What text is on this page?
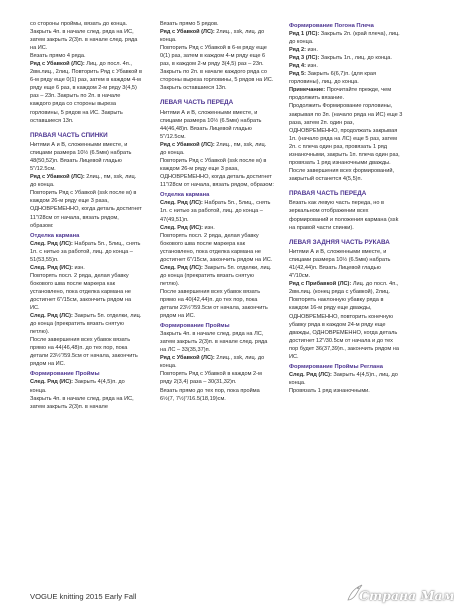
со стороны проймы, вязать до конца.

Закрыть 4п. в начале след. ряда на ИС, затем закрыть 2(3)п. в начале след. ряда на ИС.

Вязать прямо 4 ряда.

Ряд с Убавкой (ЛС): Лиц. до посл. 4п., 2вм.лиц., 2лиц. Повторить Ряд с Убавкой в 6-м ряду еще 0(1) раз, затем в каждом 4-м ряду еще 6 раз, в каждом 2-м ряду 3(4,5) раз – 23п. Закрыть по 2п. в начале каждого ряда со стороны выреза горловины, 5 рядов на ИС. Закрыть оставшиеся 13п.

ПРАВАЯ ЧАСТЬ СПИНКИ

Нитями А и В, сложенными вместе, и спицами размера 10½ (6.5мм) набрать 48(50,52)п. Вязать Лицевой гладью 5"/12.5см.

Ряд с Убавкой (ЛС): 2лиц., пм, ssk, лиц. до конца.

Повторить Ряд с Убавкой (ssk после м) в каждом 26-м ряду еще 3 раза, ОДНОВРЕМЕННО, когда деталь достигнет 11"/28см от начала, вязать рядом, образом:

Отделка кармана

След. Ряд (ЛС): Набрать 5п., 5лиц., снять 1п. с нитью за работой, лиц. до конца – 51(53,55)п.

След. Ряд (ИС): изн.

Повторять посл. 2 ряда, делая убавку бокового шва после маркера как установлено, пока отделка кармана не достигнет 6"/15см, закончить рядом на ИС.

След. Ряд (ЛС): Закрыть 5п. отделки, лиц. до конца (прекратить вязать снятую петлю).

После завершения всех убавок вязать прямо на 44(46,48)п. до тех пор, пока детали 23½"/59.5см от начала, закончить рядом на ИС.

Формирование Проймы

След. Ряд (ИС): Закрыть 4(4,5)п. до конца.

Закрыть 4п. в начале след. ряда на ИС, затем закрыть 2(3)п. в начале

Вязать прямо 5 рядов.

Ряд с Убавкой (ЛС): 2лиц., ssk, лиц. до конца.

Повторить Ряд с Убавкой в 6-м ряду еще 0(1) раз, затем в каждом 4-м ряду еще 6 раз, в каждом 2-м ряду 3(4,5) раз – 23п. Закрыть по 2п. в начале каждого ряда со стороны выреза горловины, 5 рядов на ИС. Закрыть оставшиеся 13п.

ЛЕВАЯ ЧАСТЬ ПЕРЕДА

Нитями А и В, сложенными вместе, и спицами размера 10½ (6.5мм) набрать 44(46,48)п. Вязать Лицевой гладью 5"/12.5см.

Ряд с Убавкой (ЛС): 2лиц., пм, ssk, лиц. до конца.

Повторить Ряд с Убавкой (ssk после м) в каждом 26-м ряду еще 3 раза, ОДНОВРЕМЕННО, когда деталь достигнет 11"/28см от начала, вязать рядом, образом:

Отделка кармана

След. Ряд (ЛС): Набрать 5п., 5лиц., снять 1п. с нитью за работой, лиц. до конца – 47(49,51)п.

След. Ряд (ИС): изн.

Повторять посл. 2 ряда, делая убавку бокового шва после маркера как установлено, пока отделка кармана не достигнет 6"/15см, закончить рядом на ИС.

След. Ряд (ЛС): Закрыть 5п. отделки, лиц. до конца (прекратить вязать снятую петлю).

После завершения всех убавок вязать прямо на 40(42,44)п. до тех пор, пока детали 23½"/59.5см от начала, закончить рядом на ИС.

Формирование Проймы

Закрыть 4п. в начале след. ряда на ЛС, затем закрыть 2(3)п. в начале след. ряда на ЛС – 33(35,37)п.

Ряд с Убавкой (ЛС): 2лиц., ssk, лиц. до конца.

Повторять Ряд с Убавкой в каждом 2-м ряду 2(3,4) раза – 30(31,32)п.

Вязать прямо до тех пор, пока пройма 6½(7, 7½)"/16.5(18,19)см.

Формирование Погона Плеча

Ряд 1 (ЛС): Закрыть 2п. (край плеча), лиц. до конца.

Ряд 2: изн.

Ряд 3 (ЛС): Закрыть 1п., лиц. до конца.

Ряд 4: изн.

Ряд 5: Закрыть 6(6,7)п. (для края горловины), лиц. до конца.

Примечание: Прочитайте прежде, чем продолжить вязание.

Продолжить Формирование горловины, закрывая по 3п. (начало ряда на ИС) еще 3 раза, затем 2п. один раз, ОДНОВРЕМЕННО, продолжать закрывая 1п. (начало ряда на ЛС) еще 5 раз, затем 2п. с плеча один раз, провязать 1 ряд изнаночными, закрыть 1п. плеча один раз, провязать 1 ряд изнаночными дважды. После завершения всех формирований, закрытый останется 4(5,5)п.

ПРАВАЯ ЧАСТЬ ПЕРЕДА

Вязать как левую часть переда, но в зеркальном отображении всех формирований и положения кармана (ssk на правой части спинки).

ЛЕВАЯ ЗАДНЯЯ ЧАСТЬ РУКАВА

Нитями А и В, сложенными вместе, и спицами размера 10½ (6.5мм) набрать 41(42,44)п. Вязать Лицевой гладью 4"/10см.

Ряд с Прибавкой (ЛС): Лиц. до посл. 4п., 2вм.лиц. (конец ряда с убавкой), 2лиц.

Повторять наклонную убавку ряда в каждом 16-м ряду еще дважды, ОДНОВРЕМЕННО, повторить конечную убавку ряда в каждом 24-м ряду еще дважды, ОДНОВРЕМЕННО, когда деталь достигнет 12"/30.5см от начала и до тех пор будет 36(37,39)п., закончить рядом на ИС.

Формирование Проймы Реглана

След. Ряд (ЛС): Закрыть 4(4,5)п., лиц. до конца.

Провязать 1 ряд изнаночными.

VOGUE knitting 2015 Early Fall	Страна Мам
